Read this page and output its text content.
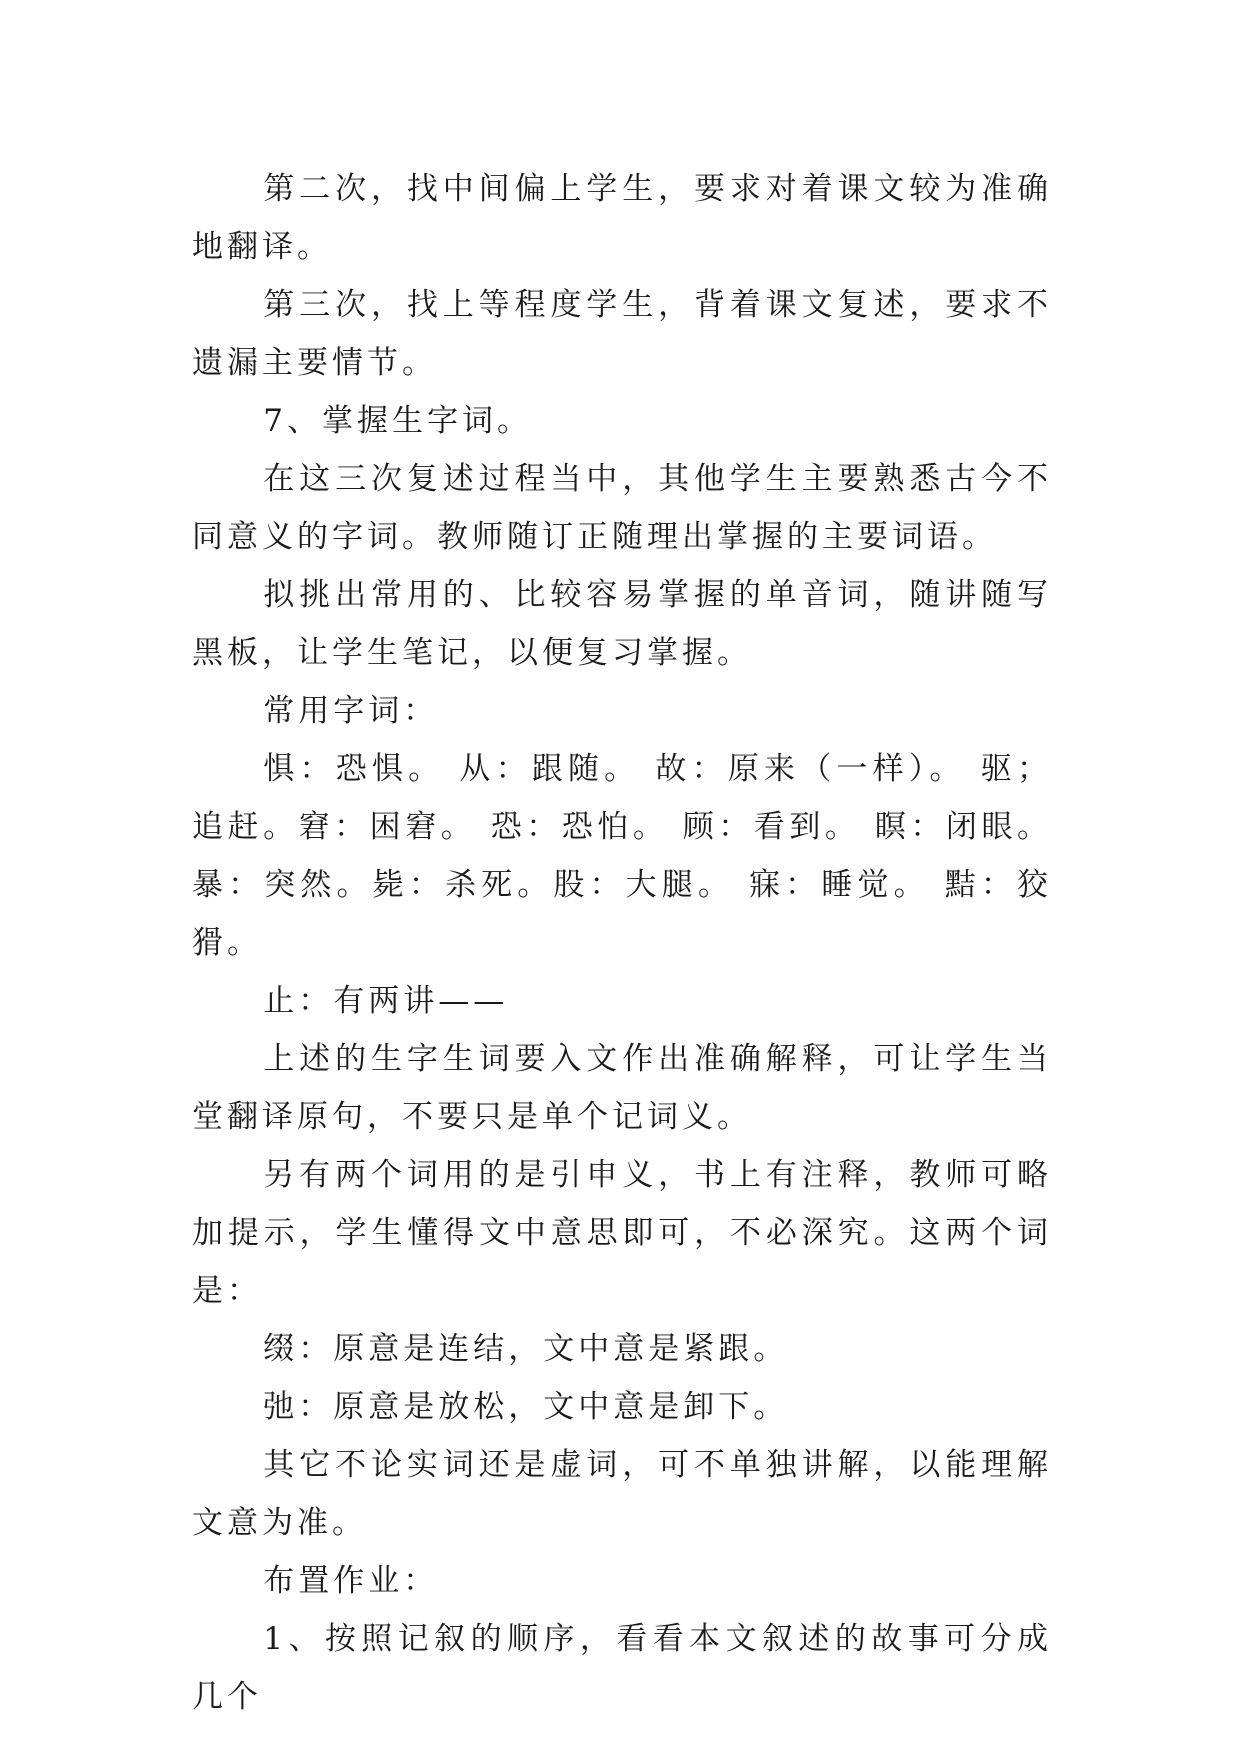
第二次，找中间偏上学生，要求对着课文较为准确地翻译。

第三次，找上等程度学生，背着课文复述，要求不遗漏主要情节。

7、掌握生字词。

在这三次复述过程当中，其他学生主要熟悉古今不同意义的字词。教师随订正随理出掌握的主要词语。

拟挑出常用的、比较容易掌握的单音词，随讲随写黑板，让学生笔记，以便复习掌握。

常用字词：

惧：恐惧。 从：跟随。 故：原来（一样）。 驱；追赶。窘：困窘。 恐：恐怕。 顾：看到。 瞑：闭眼。 暴：突然。毙：杀死。股：大腿。 寐：睡觉。 黠：狡猾。

止：有两讲——

上述的生字生词要入文作出准确解释，可让学生当堂翻译原句，不要只是单个记词义。

另有两个词用的是引申义，书上有注释，教师可略加提示，学生懂得文中意思即可，不必深究。这两个词是：

缀：原意是连结，文中意是紧跟。

弛：原意是放松，文中意是卸下。

其它不论实词还是虚词，可不单独讲解，以能理解文意为准。

布置作业：

1、按照记叙的顺序，看看本文叙述的故事可分成几个
